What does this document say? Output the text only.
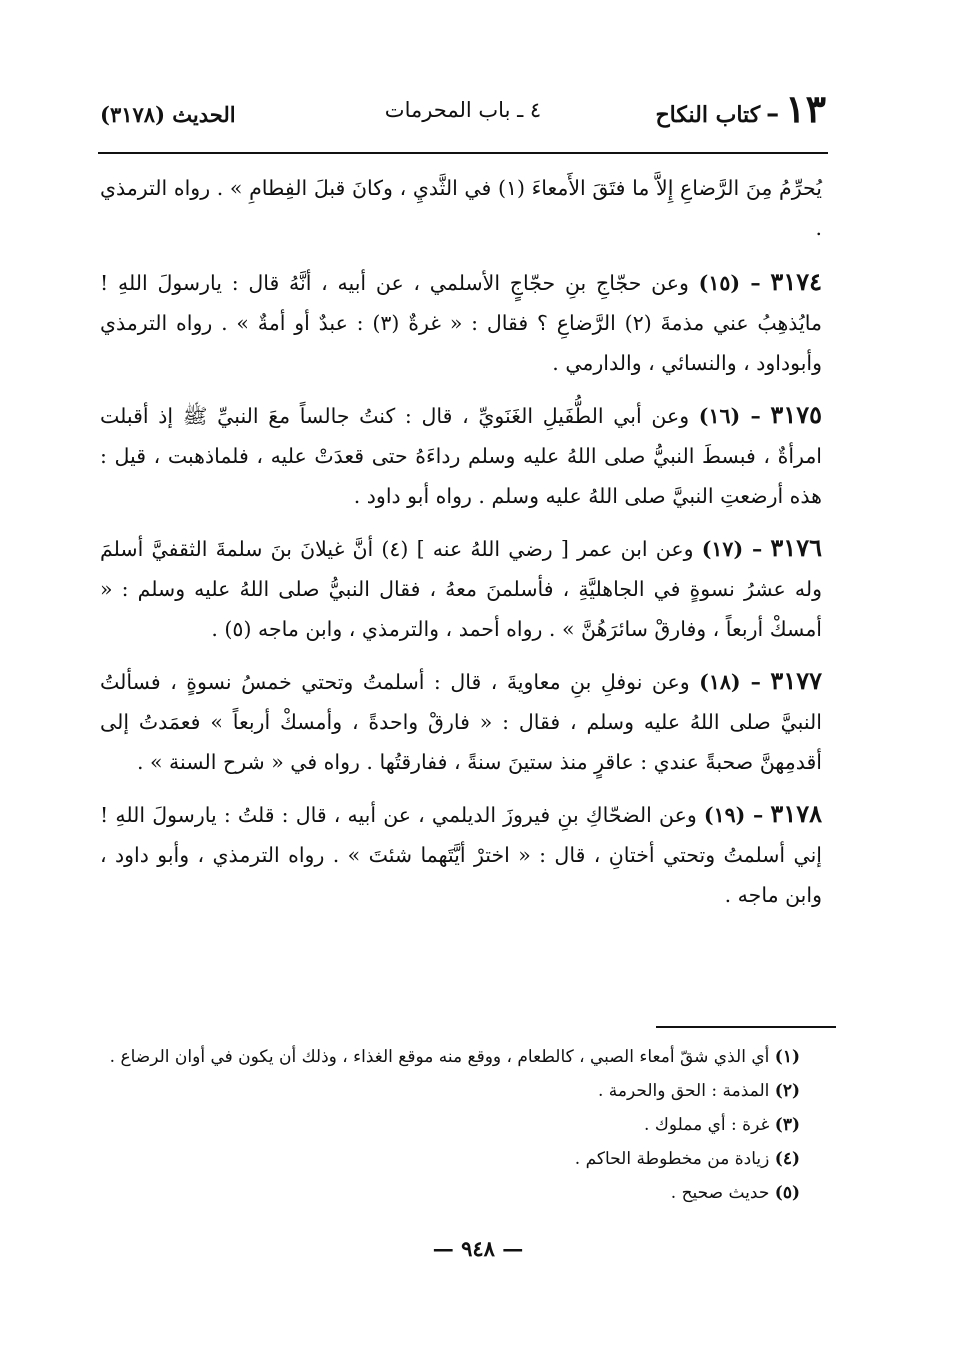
١٣
–
كتاب النكاح
٤ ـ باب المحرمات
الحديث (٣١٧٨)

يُحرِّمُ مِنَ الرَّضاعِ إِلاَّ ما فتَقَ الأَمعاءَ (١) في الثَّديِ ، وكانَ قبلَ الفِطامِ » . رواه الترمذي .

٣١٧٤ – (١٥) وعن حجّاجِ بنِ حجّاجٍ الأسلمي ، عن أبيه ، أنَّهُ قال : يارسولَ اللهِ ! مايُذهِبُ عني مذمةَ (٢) الرَّضاعِ ؟ فقال : « غرةٌ (٣) : عبدٌ أو أمةٌ » . رواه الترمذي وأبوداود ، والنسائي ، والدارمي .

٣١٧٥ – (١٦) وعن أبي الطُّفَيلِ الغَنَويِّ ، قال : كنتُ جالساً معَ النبيِّ ﷺ إذ أقبلت امرأةٌ ، فبسطَ النبيُّ صلى اللهُ عليه وسلم رداءَهُ حتى قعدَتْ عليه ، فلماذهبت ، قيل : هذه أرضعتِ النبيَّ صلى اللهُ عليه وسلم . رواه أبو داود .

٣١٧٦ – (١٧) وعن ابن عمر [ رضي اللهُ عنه ] (٤) أنَّ غيلانَ بنَ سلمةَ الثقفيَّ أسلمَ وله عشرُ نسوةٍ في الجاهليَّةِ ، فأسلمنَ معهُ ، فقال النبيُّ صلى اللهُ عليه وسلم : « أمسكْ أربعاً ، وفارقْ سائرَهُنَّ » . رواه أحمد ، والترمذي ، وابن ماجه (٥) .

٣١٧٧ – (١٨) وعن نوفلِ بنِ معاويةَ ، قال : أسلمتُ وتحتي خمسُ نسوةٍ ، فسألتُ النبيَّ صلى اللهُ عليه وسلم ، فقال : « فارقْ واحدةً ، وأمسكْ أربعاً » فعمَدتُ إلى أقدمِهنَّ صحبةً عندي : عاقرٍ منذ ستينَ سنةً ، ففارقتُها . رواه في « شرح السنة » .

٣١٧٨ – (١٩) وعن الضحّاكِ بنِ فيروزَ الديلمي ، عن أبيه ، قال : قلتُ : يارسولَ اللهِ ! إني أسلمتُ وتحتي أختانِ ، قال : « اخترْ أيَّتَهما شئتَ » . رواه الترمذي ، وأبو داود ، وابن ماجه .

(١) أي الذي شقّ أمعاء الصبي ، كالطعام ، ووقع منه موقع الغذاء ، وذلك أن يكون في أوان الرضاع .
(٢) المذمة : الحق والحرمة .
(٣) غرة : أي مملوك .
(٤) زيادة من مخطوطة الحاكم .
(٥) حديث صحيح .
— ٩٤٨ —
